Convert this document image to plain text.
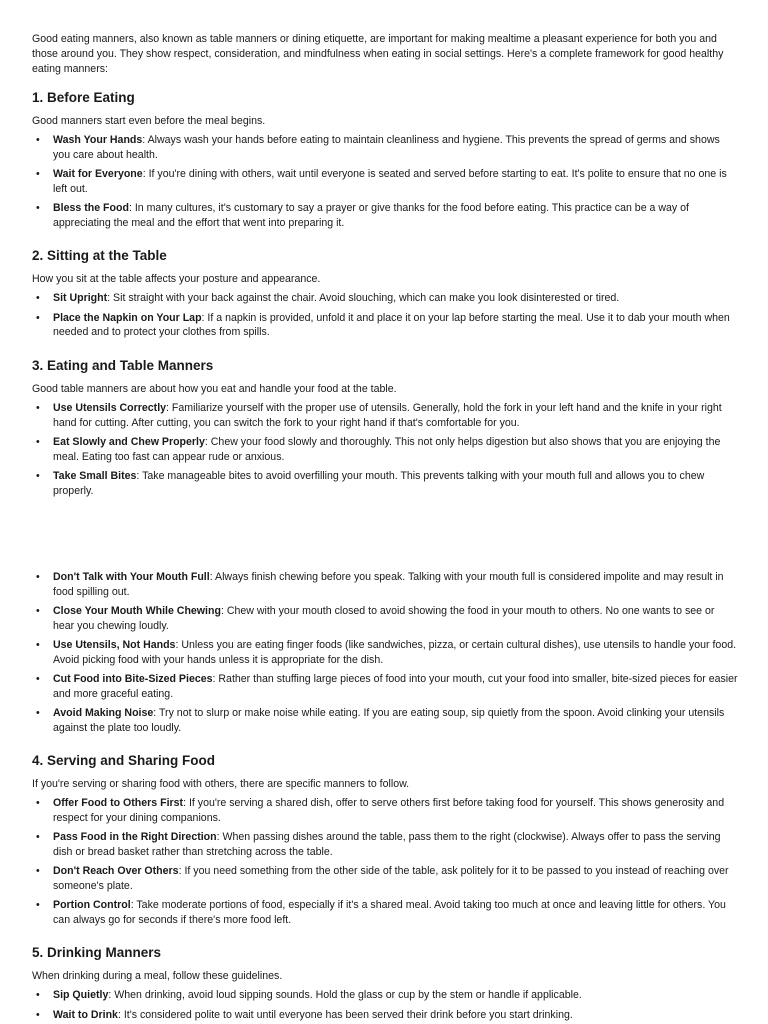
Good eating manners, also known as table manners or dining etiquette, are important for making mealtime a pleasant experience for both you and those around you. They show respect, consideration, and mindfulness when eating in social settings. Here's a complete framework for good healthy eating manners:

1. Before Eating

Good manners start even before the meal begins.

• Wash Your Hands: Always wash your hands before eating to maintain cleanliness and hygiene. This prevents the spread of germs and shows you care about health.
• Wait for Everyone: If you're dining with others, wait until everyone is seated and served before starting to eat. It's polite to ensure that no one is left out.
• Bless the Food: In many cultures, it's customary to say a prayer or give thanks for the food before eating. This practice can be a way of appreciating the meal and the effort that went into preparing it.
2. Sitting at the Table

How you sit at the table affects your posture and appearance.

• Sit Upright: Sit straight with your back against the chair. Avoid slouching, which can make you look disinterested or tired.
• Place the Napkin on Your Lap: If a napkin is provided, unfold it and place it on your lap before starting the meal. Use it to dab your mouth when needed and to protect your clothes from spills.
3. Eating and Table Manners

Good table manners are about how you eat and handle your food at the table.

• Use Utensils Correctly: Familiarize yourself with the proper use of utensils. Generally, hold the fork in your left hand and the knife in your right hand for cutting. After cutting, you can switch the fork to your right hand if that's comfortable for you.
• Eat Slowly and Chew Properly: Chew your food slowly and thoroughly. This not only helps digestion but also shows that you are enjoying the meal. Eating too fast can appear rude or anxious.
• Take Small Bites: Take manageable bites to avoid overfilling your mouth. This prevents talking with your mouth full and allows you to chew properly.
• Don't Talk with Your Mouth Full: Always finish chewing before you speak. Talking with your mouth full is considered impolite and may result in food spilling out.
• Close Your Mouth While Chewing: Chew with your mouth closed to avoid showing the food in your mouth to others. No one wants to see or hear you chewing loudly.
• Use Utensils, Not Hands: Unless you are eating finger foods (like sandwiches, pizza, or certain cultural dishes), use utensils to handle your food. Avoid picking food with your hands unless it is appropriate for the dish.
• Cut Food into Bite-Sized Pieces: Rather than stuffing large pieces of food into your mouth, cut your food into smaller, bite-sized pieces for easier and more graceful eating.
• Avoid Making Noise: Try not to slurp or make noise while eating. If you are eating soup, sip quietly from the spoon. Avoid clinking your utensils against the plate too loudly.
4. Serving and Sharing Food

If you're serving or sharing food with others, there are specific manners to follow.

• Offer Food to Others First: If you're serving a shared dish, offer to serve others first before taking food for yourself. This shows generosity and respect for your dining companions.
• Pass Food in the Right Direction: When passing dishes around the table, pass them to the right (clockwise). Always offer to pass the serving dish or bread basket rather than stretching across the table.
• Don't Reach Over Others: If you need something from the other side of the table, ask politely for it to be passed to you instead of reaching over someone's plate.
• Portion Control: Take moderate portions of food, especially if it's a shared meal. Avoid taking too much at once and leaving little for others. You can always go for seconds if there's more food left.
5. Drinking Manners

When drinking during a meal, follow these guidelines.

• Sip Quietly: When drinking, avoid loud sipping sounds. Hold the glass or cup by the stem or handle if applicable.
• Wait to Drink: It's considered polite to wait until everyone has been served their drink before you start drinking.
